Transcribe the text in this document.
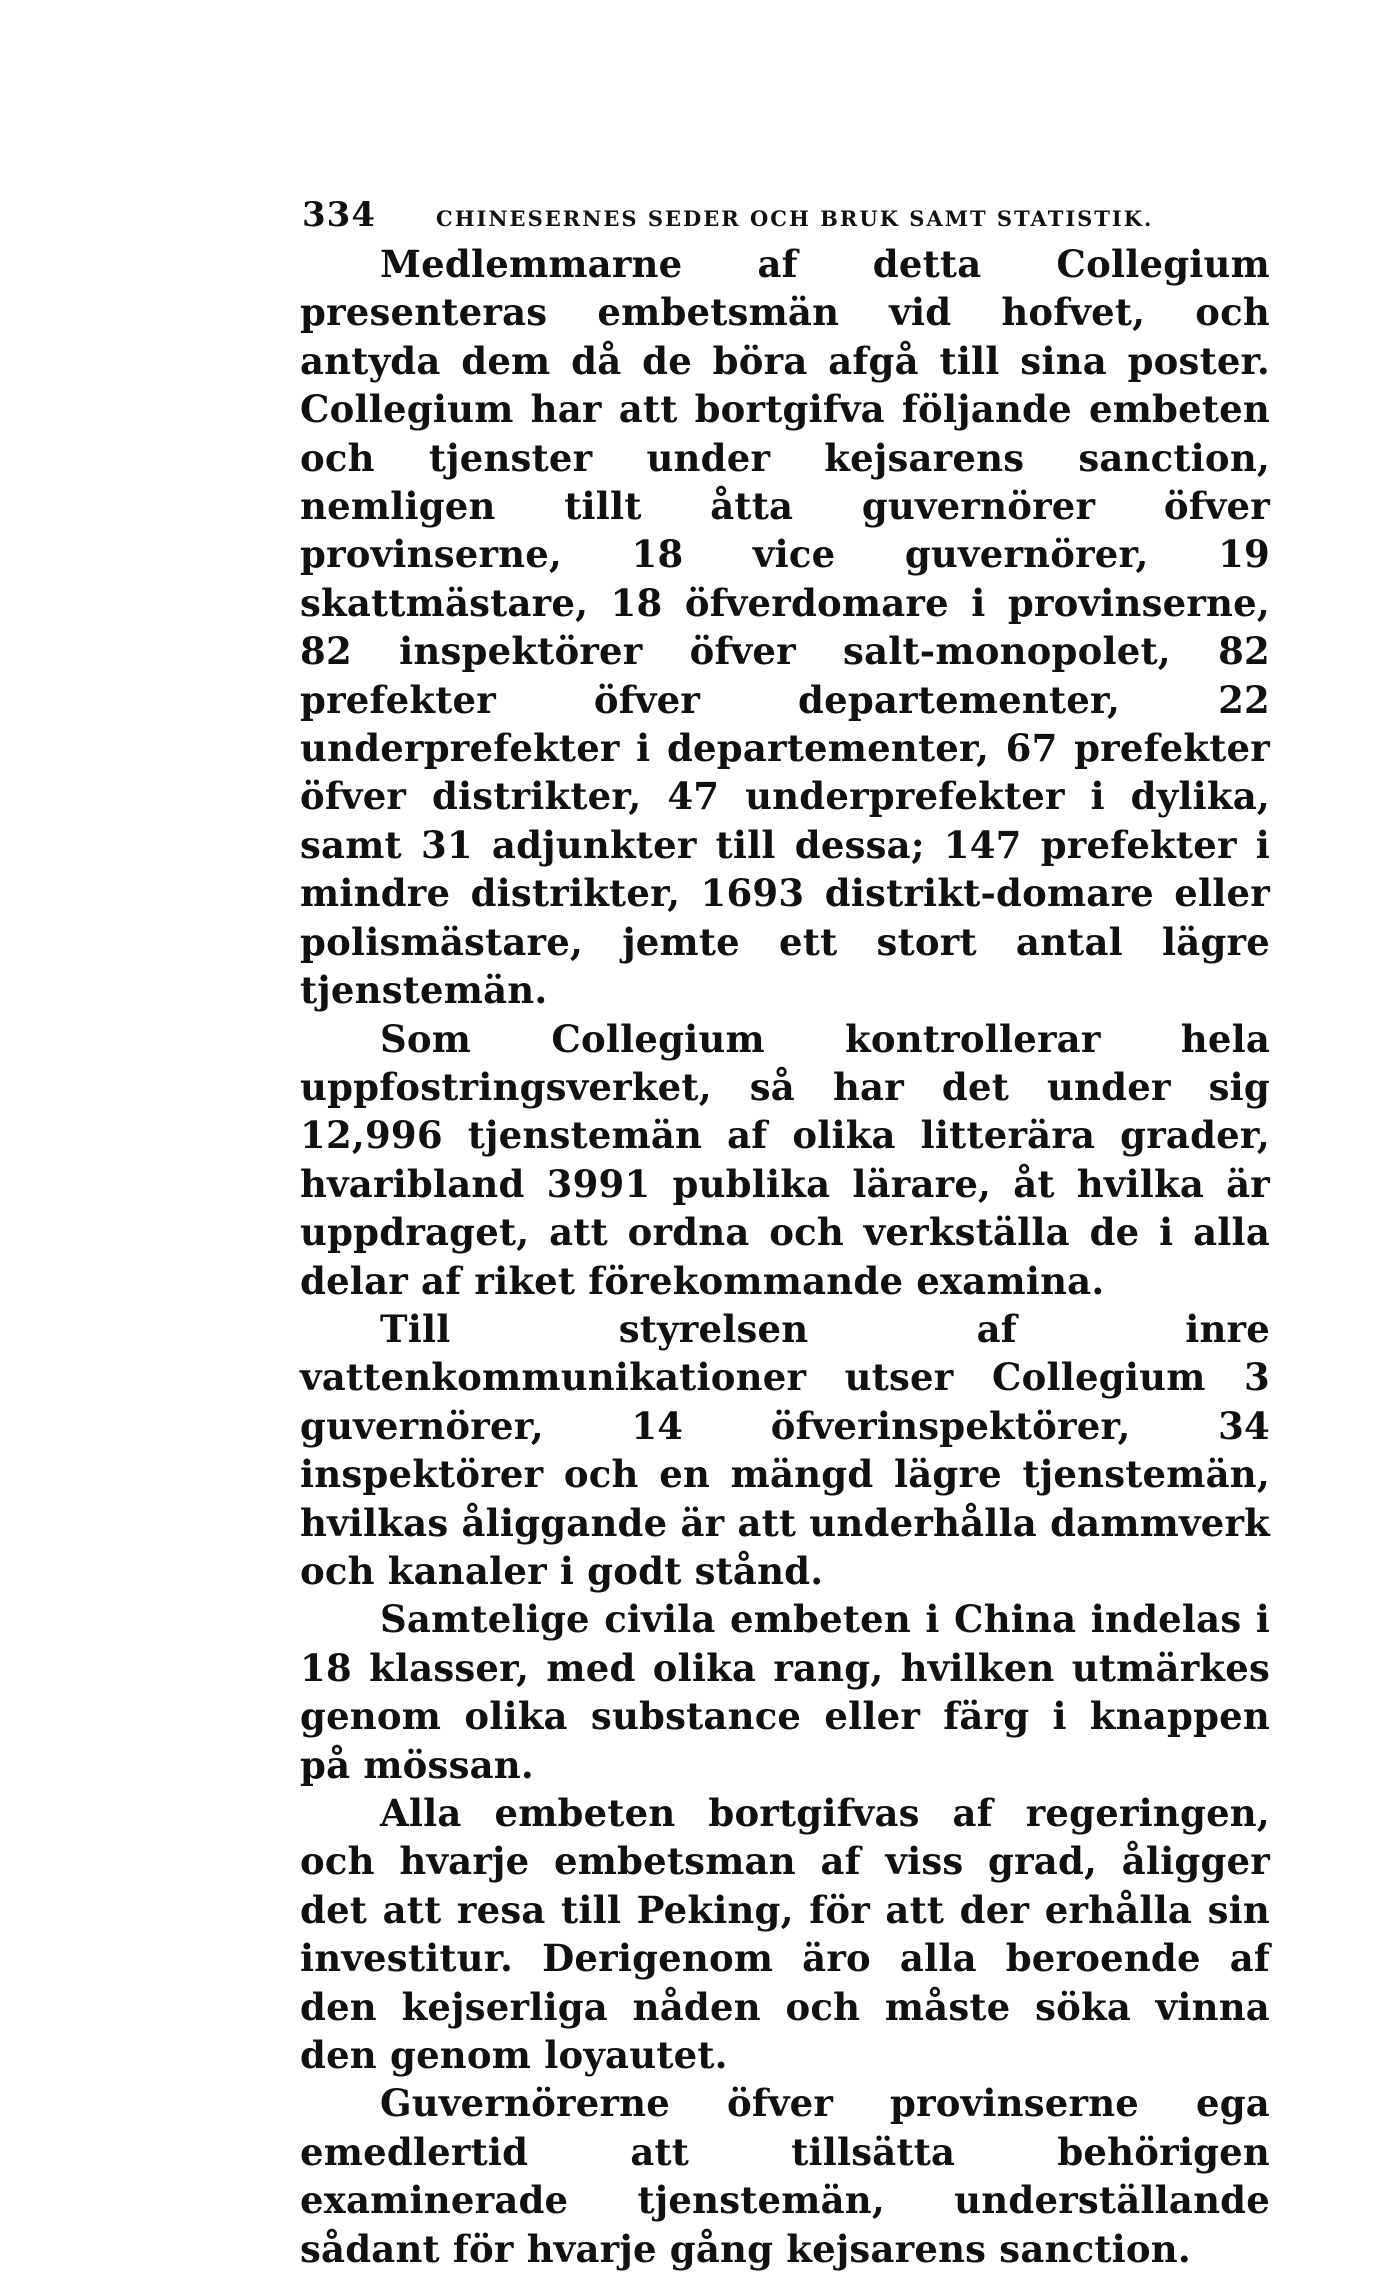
334	CHINESERNES SEDER OCH BRUK SAMT STATISTIK.

Medlemmarne af detta Collegium presenteras embetsmän vid hofvet, och antyda dem då de böra afgå till sina poster. Collegium har att bortgifva följande embeten och tjenster under kejsarens sanction, nemligen tillt åtta guvernörer öfver provinserne, 18 vice guvernörer, 19 skattmästare, 18 öfverdomare i provinserne, 82 inspektörer öfver salt-monopolet, 82 prefekter öfver departementer, 22 underprefekter i departementer, 67 prefekter öfver distrikter, 47 underprefekter i dylika, samt 31 adjunkter till dessa; 147 prefekter i mindre distrikter, 1693 distrikt-domare eller polismästare, jemte ett stort antal lägre tjenstemän.

Som Collegium kontrollerar hela uppfostringsverket, så har det under sig 12,996 tjenstemän af olika litterära grader, hvaribland 3991 publika lärare, åt hvilka är uppdraget, att ordna och verkställa de i alla delar af riket förekommande examina.

Till styrelsen af inre vattenkommunikationer utser Collegium 3 guvernörer, 14 öfverinspektörer, 34 inspektörer och en mängd lägre tjenstemän, hvilkas åliggande är att underhålla dammverk och kanaler i godt stånd.

Samtelige civila embeten i China indelas i 18 klasser, med olika rang, hvilken utmärkes genom olika substance eller färg i knappen på mössan.

Alla embeten bortgifvas af regeringen, och hvarje embetsman af viss grad, åligger det att resa till Peking, för att der erhålla sin investitur. Derigenom äro alla beroende af den kejserliga nåden och måste söka vinna den genom loyautet.

Guvernörerne öfver provinserne ega emedlertid att tillsätta behörigen examinerade tjenstemän, underställande sådant för hvarje gång kejsarens sanction.
